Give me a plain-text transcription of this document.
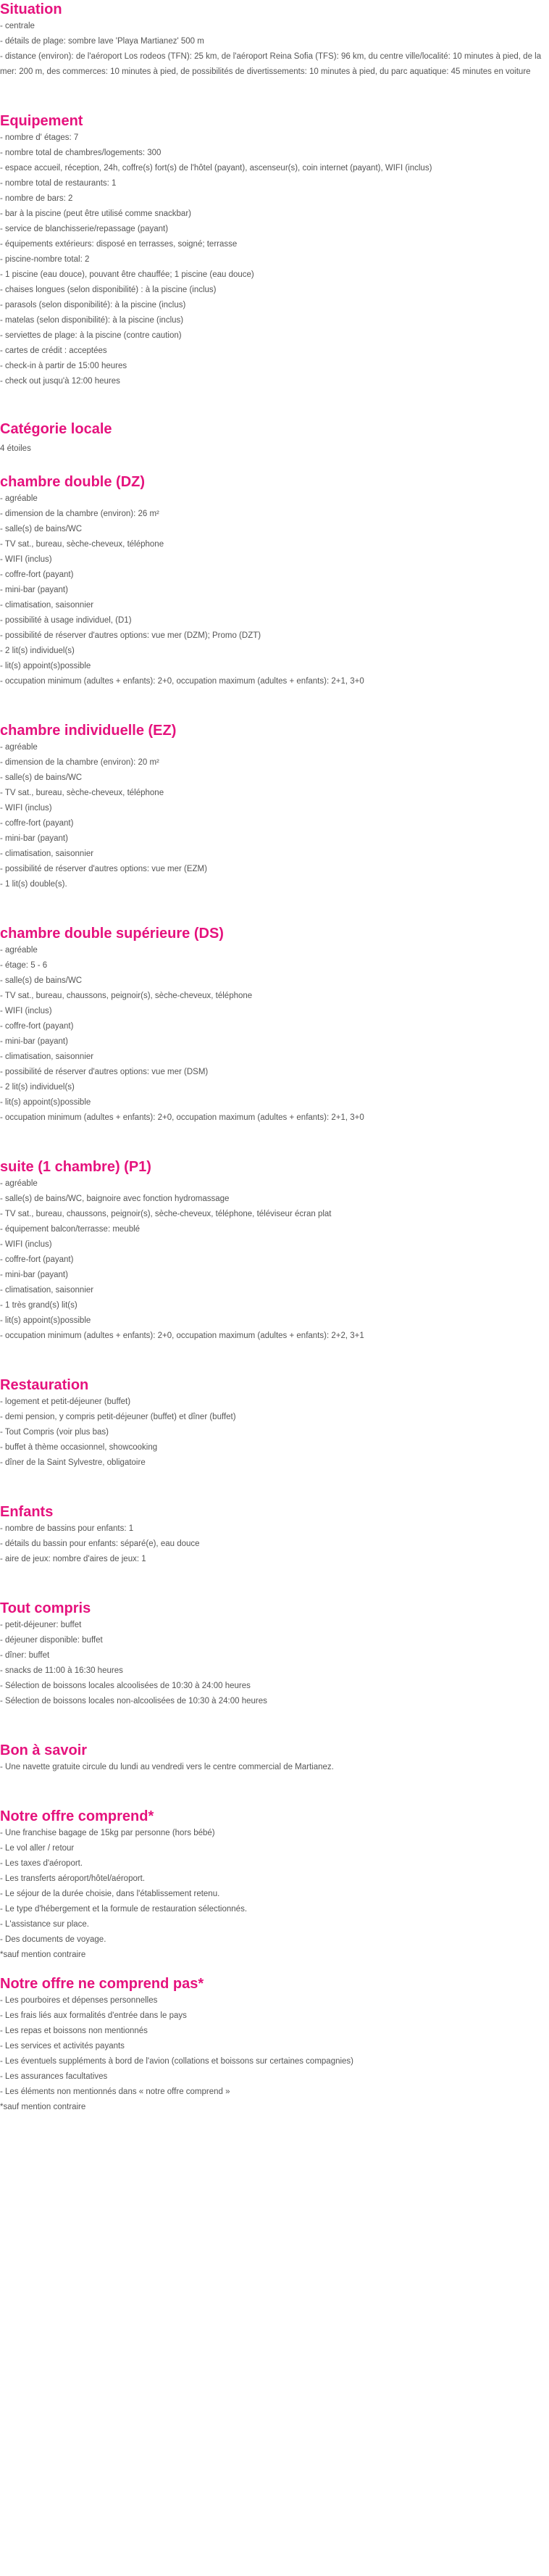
Situation
- centrale
- détails de plage: sombre lave 'Playa Martianez' 500 m
- distance (environ): de l'aéroport Los rodeos (TFN): 25 km, de l'aéroport Reina Sofia (TFS): 96 km, du centre ville/localité: 10 minutes à pied, de la mer: 200 m, des commerces: 10 minutes à pied, de possibilités de divertissements: 10 minutes à pied, du parc aquatique: 45 minutes en voiture
Equipement
- nombre d' étages: 7
- nombre total de chambres/logements: 300
- espace accueil, réception, 24h, coffre(s) fort(s) de l'hôtel (payant), ascenseur(s), coin internet (payant), WIFI (inclus)
- nombre total de restaurants: 1
- nombre de bars: 2
- bar à la piscine (peut être utilisé comme snackbar)
- service de blanchisserie/repassage (payant)
- équipements extérieurs: disposé en terrasses, soigné; terrasse
- piscine-nombre total: 2
- 1 piscine (eau douce), pouvant être chauffée; 1 piscine (eau douce)
- chaises longues (selon disponibilité) : à la piscine (inclus)
- parasols (selon disponibilité): à la piscine (inclus)
- matelas (selon disponibilité): à la piscine (inclus)
- serviettes de plage: à la piscine (contre caution)
- cartes de crédit : acceptées
- check-in à partir de 15:00 heures
- check out jusqu'à 12:00 heures
Catégorie locale
4 étoiles
chambre double (DZ)
- agréable
- dimension de la chambre (environ): 26 m²
- salle(s) de bains/WC
- TV sat., bureau, sèche-cheveux, téléphone
- WIFI (inclus)
- coffre-fort (payant)
- mini-bar (payant)
- climatisation, saisonnier
- possibilité à usage individuel, (D1)
- possibilité de réserver d'autres options: vue mer (DZM); Promo (DZT)
- 2 lit(s) individuel(s)
- lit(s) appoint(s)possible
- occupation minimum (adultes + enfants): 2+0, occupation maximum (adultes + enfants): 2+1, 3+0
chambre individuelle (EZ)
- agréable
- dimension de la chambre (environ): 20 m²
- salle(s) de bains/WC
- TV sat., bureau, sèche-cheveux, téléphone
- WIFI (inclus)
- coffre-fort (payant)
- mini-bar (payant)
- climatisation, saisonnier
- possibilité de réserver d'autres options: vue mer (EZM)
- 1 lit(s) double(s).
chambre double supérieure (DS)
- agréable
- étage: 5 - 6
- salle(s) de bains/WC
- TV sat., bureau, chaussons, peignoir(s), sèche-cheveux, téléphone
- WIFI (inclus)
- coffre-fort (payant)
- mini-bar (payant)
- climatisation, saisonnier
- possibilité de réserver d'autres options: vue mer (DSM)
- 2 lit(s) individuel(s)
- lit(s) appoint(s)possible
- occupation minimum (adultes + enfants): 2+0, occupation maximum (adultes + enfants): 2+1, 3+0
suite (1 chambre) (P1)
- agréable
- salle(s) de bains/WC, baignoire avec fonction hydromassage
- TV sat., bureau, chaussons, peignoir(s), sèche-cheveux, téléphone, téléviseur écran plat
- équipement balcon/terrasse: meublé
- WIFI (inclus)
- coffre-fort (payant)
- mini-bar (payant)
- climatisation, saisonnier
- 1 très grand(s) lit(s)
- lit(s) appoint(s)possible
- occupation minimum (adultes + enfants): 2+0, occupation maximum (adultes + enfants): 2+2, 3+1
Restauration
- logement et petit-déjeuner (buffet)
- demi pension, y compris petit-déjeuner (buffet) et dîner (buffet)
- Tout Compris (voir plus bas)
- buffet à thème occasionnel, showcooking
- dîner de la Saint Sylvestre, obligatoire
Enfants
- nombre de bassins pour enfants: 1
- détails du bassin pour enfants: séparé(e), eau douce
- aire de jeux: nombre d'aires de jeux: 1
Tout compris
- petit-déjeuner: buffet
- déjeuner disponible: buffet
- dîner: buffet
- snacks de 11:00 à 16:30 heures
- Sélection de boissons locales alcoolisées de 10:30 à 24:00 heures
- Sélection de boissons locales non-alcoolisées de 10:30 à 24:00 heures
Bon à savoir
- Une navette gratuite circule du lundi au vendredi vers le centre commercial de Martianez.
Notre offre comprend*
- Une franchise bagage de 15kg par personne (hors bébé)
- Le vol aller / retour
- Les taxes d'aéroport.
- Les transferts aéroport/hôtel/aéroport.
- Le séjour de la durée choisie, dans l'établissement retenu.
- Le type d'hébergement et la formule de restauration sélectionnés.
- L'assistance sur place.
- Des documents de voyage.
*sauf mention contraire
Notre offre ne comprend pas*
- Les pourboires et dépenses personnelles
- Les frais liés aux formalités d'entrée dans le pays
- Les repas et boissons non mentionnés
- Les services et activités payants
- Les éventuels suppléments à bord de l'avion (collations et boissons sur certaines compagnies)
- Les assurances facultatives
- Les éléments non mentionnés dans « notre offre comprend »
*sauf mention contraire
